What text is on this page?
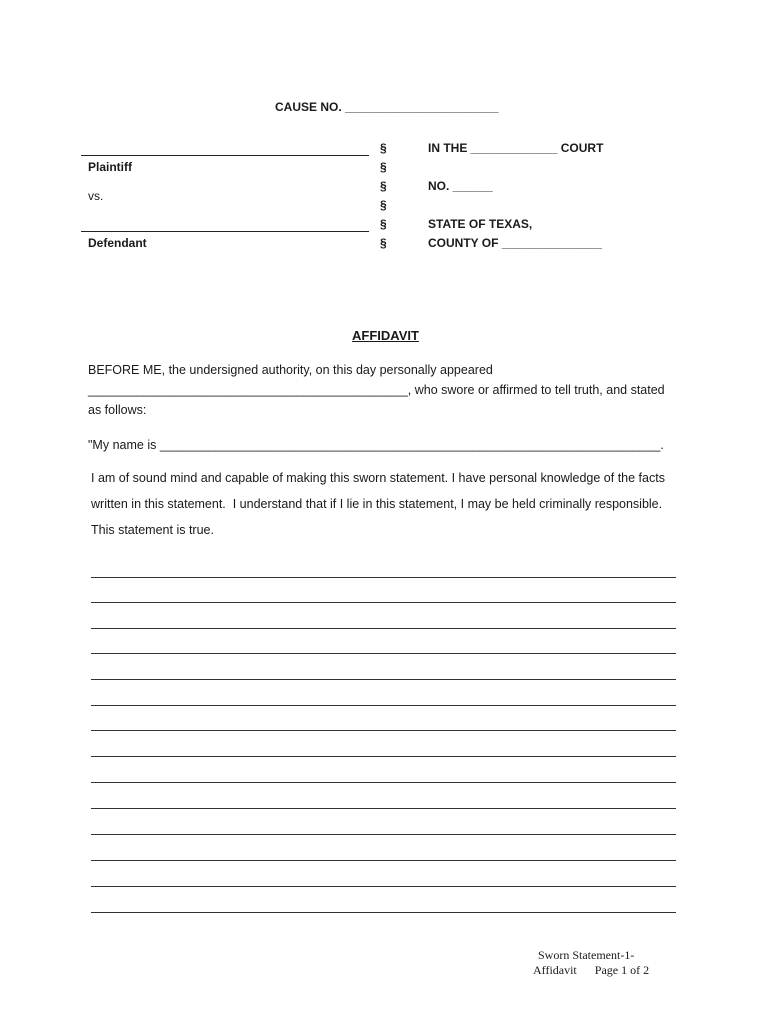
CAUSE NO. _______________________
Plaintiff
vs.
Defendant
§
§
§
§
§
§
IN THE _____________ COURT
NO. ______
STATE OF TEXAS,
COUNTY OF _______________
AFFIDAVIT
BEFORE ME, the undersigned authority, on this day personally appeared
______________________________________________, who swore or affirmed to tell truth, and stated
as follows:
"My name is ________________________________________________________________________.
I am of sound mind and capable of making this sworn statement. I have personal knowledge of the facts
written in this statement.  I understand that if I lie in this statement, I may be held criminally responsible.
This statement is true.
Sworn Statement-1-
Affidavit      Page 1 of 2
